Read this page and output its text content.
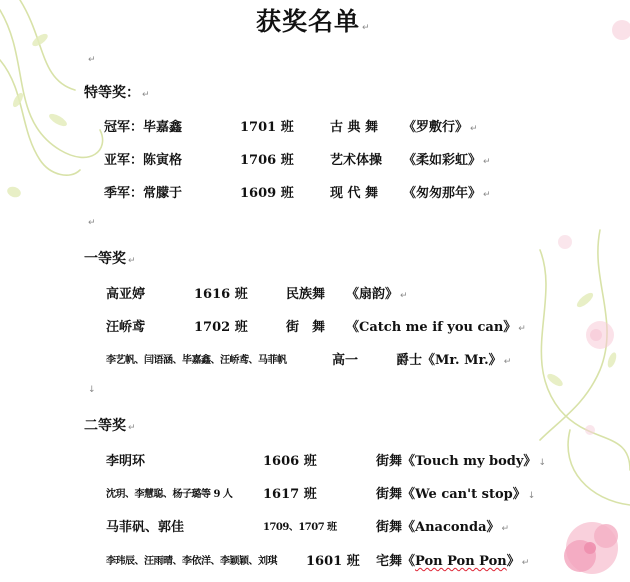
获奖名单 ↵
↵
特等奖： ↵
冠军：毕嘉鑫	1701 班	古 典 舞 《罗敷行》 ↵
亚军：陈寅格	1706 班	艺术体操 《柔如彩虹》 ↵
季军：常朦于	1609 班	现 代 舞 《匆匆那年》 ↵
↵
一等奖 ↵
高亚婷	1616 班	民族舞 《扇韵》 ↵
汪峤鸢	1702 班	街　舞 《Catch me if you can》 ↵
李艺帆、闫语涵、毕嘉鑫、汪峤鸢、马菲帆	高一	爵士《Mr. Mr.》 ↵
↓
二等奖 ↵
李明环	1606 班	街舞《Touch my body》 ↓
沈玥、李慧聪、杨子璐等 9 人 1617 班	街舞《We can't stop》 ↓
马菲矾、郭佳	1709、1707 班	街舞《Anaconda》 ↵
李玮辰、汪雨晴、李依洋、李颖颖、刘琪 1601 班 宅舞《Pon Pon Pon》 ↵
